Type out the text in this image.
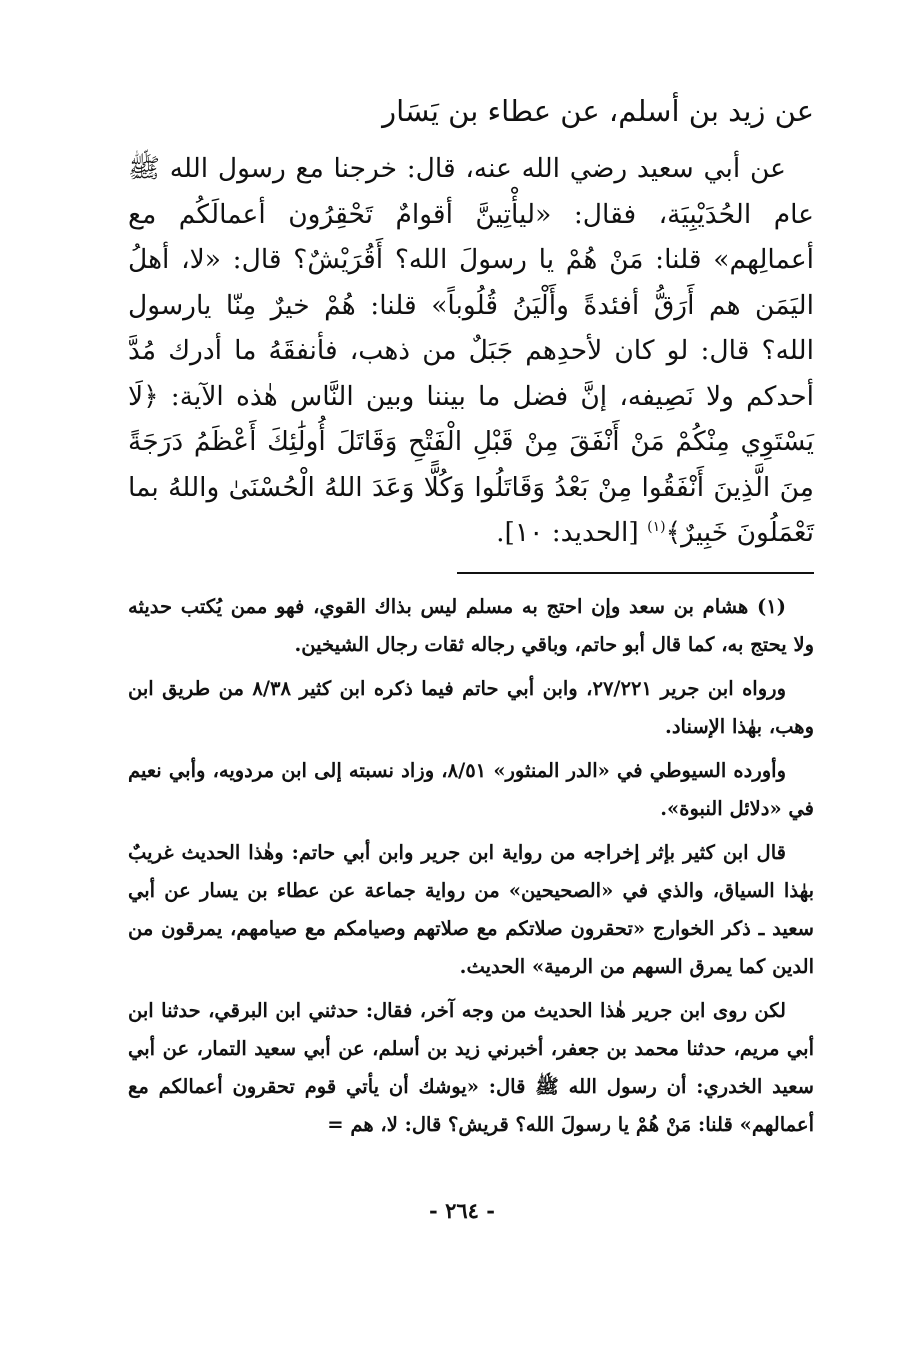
عن زيد بن أسلم، عن عطاء بن يَسَار

عن أبي سعيد رضي الله عنه، قال: خرجنا مع رسول الله ﷺ عام الحُدَيْبِيَة، فقال: «ليأْتِينَّ أقوامٌ تَحْقِرُون أعمالَكُم مع أعمالِهم» قلنا: مَنْ هُمْ يا رسولَ الله؟ أَقُرَيْشٌ؟ قال: «لا، أهلُ اليَمَن هم أَرَقُّ أفئدةً وأَلْيَنُ قُلُوباً» قلنا: هُمْ خيرٌ مِنّا يارسول الله؟ قال: لو كان لأحدِهم جَبَلٌ من ذهب، فأنفقَهُ ما أدرك مُدَّ أحدكم ولا نَصِيفه، إنَّ فضل ما بيننا وبين النَّاس هٰذه الآية: ﴿لَا يَسْتَوِي مِنْكُمْ مَنْ أَنْفَقَ مِنْ قَبْلِ الْفَتْحِ وَقَاتَلَ أُولَٰئِكَ أَعْظَمُ دَرَجَةً مِنَ الَّذِينَ أَنْفَقُوا مِنْ بَعْدُ وَقَاتَلُوا وَكُلًّا وَعَدَ اللهُ الْحُسْنَىٰ واللهُ بما تَعْمَلُونَ خَبِيرٌ﴾$^{(١)}$ [الحديد: ١٠].

(١) هشام بن سعد وإن احتج به مسلم ليس بذاك القوي، فهو ممن يُكتب حديثه ولا يحتج به، كما قال أبو حاتم، وباقي رجاله ثقات رجال الشيخين.

ورواه ابن جرير ٢٧/٢٢١، وابن أبي حاتم فيما ذكره ابن كثير ٨/٣٨ من طريق ابن وهب، بهٰذا الإسناد.

وأورده السيوطي في «الدر المنثور» ٨/٥١، وزاد نسبته إلى ابن مردويه، وأبي نعيم في «دلائل النبوة».

قال ابن كثير بإثر إخراجه من رواية ابن جرير وابن أبي حاتم: وهٰذا الحديث غريبٌ بهٰذا السياق، والذي في «الصحيحين» من رواية جماعة عن عطاء بن يسار عن أبي سعيد ـ ذكر الخوارج «تحقرون صلاتكم مع صلاتهم وصيامكم مع صيامهم، يمرقون من الدين كما يمرق السهم من الرمية» الحديث.

لكن روى ابن جرير هٰذا الحديث من وجه آخر، فقال: حدثني ابن البرقي، حدثنا ابن أبي مريم، حدثنا محمد بن جعفر، أخبرني زيد بن أسلم، عن أبي سعيد التمار، عن أبي سعيد الخدري: أن رسول الله ﷺ قال: «يوشك أن يأتي قوم تحقرون أعمالكم مع أعمالهم» قلنا: مَنْ هُمْ يا رسولَ الله؟ قريش؟ قال: لا، هم =

- ٢٦٤ -
